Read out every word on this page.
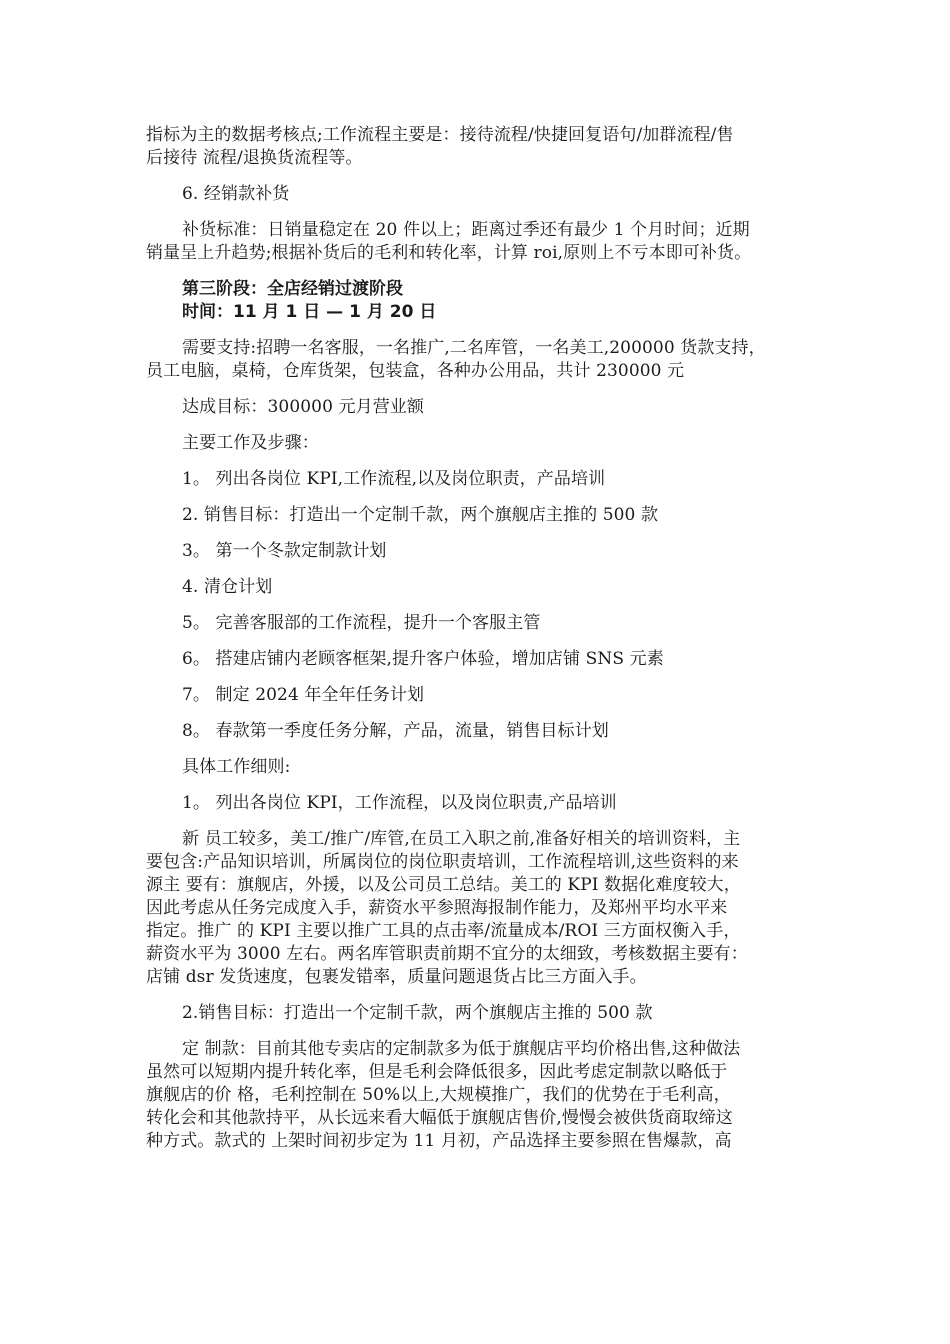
指标为主的数据考核点;工作流程主要是：接待流程/快捷回复语句/加群流程/售
后接待 流程/退换货流程等。
6. 经销款补货
补货标准：日销量稳定在 20 件以上；距离过季还有最少 1 个月时间；近期
销量呈上升趋势;根据补货后的毛利和转化率，计算 roi,原则上不亏本即可补货。
第三阶段：全店经销过渡阶段
时间：11 月 1 日 — 1 月 20 日
需要支持:招聘一名客服，一名推广,二名库管，一名美工,200000 货款支持，
员工电脑，桌椅，仓库货架，包装盒，各种办公用品，共计 230000 元
达成目标：300000 元月营业额
主要工作及步骤：
1。 列出各岗位 KPI,工作流程,以及岗位职责，产品培训
2. 销售目标：打造出一个定制千款，两个旗舰店主推的 500 款
3。 第一个冬款定制款计划
4. 清仓计划
5。 完善客服部的工作流程，提升一个客服主管
6。 搭建店铺内老顾客框架,提升客户体验，增加店铺 SNS 元素
7。 制定 2024 年全年任务计划
8。 春款第一季度任务分解，产品，流量，销售目标计划
具体工作细则:
1。 列出各岗位 KPI，工作流程，以及岗位职责,产品培训
新 员工较多，美工/推广/库管,在员工入职之前,准备好相关的培训资料，主
要包含:产品知识培训，所属岗位的岗位职责培训，工作流程培训,这些资料的来
源主 要有：旗舰店，外援，以及公司员工总结。美工的 KPI 数据化难度较大，
因此考虑从任务完成度入手，薪资水平参照海报制作能力，及郑州平均水平来
指定。推广 的 KPI 主要以推广工具的点击率/流量成本/ROI 三方面权衡入手，
薪资水平为 3000 左右。两名库管职责前期不宜分的太细致，考核数据主要有：
店铺 dsr 发货速度，包裹发错率，质量问题退货占比三方面入手。
2.销售目标：打造出一个定制千款，两个旗舰店主推的 500 款
定 制款：目前其他专卖店的定制款多为低于旗舰店平均价格出售,这种做法
虽然可以短期内提升转化率，但是毛利会降低很多，因此考虑定制款以略低于
旗舰店的价 格，毛利控制在 50%以上,大规模推广，我们的优势在于毛利高，
转化会和其他款持平，从长远来看大幅低于旗舰店售价,慢慢会被供货商取缔这
种方式。款式的 上架时间初步定为 11 月初，产品选择主要参照在售爆款，高
